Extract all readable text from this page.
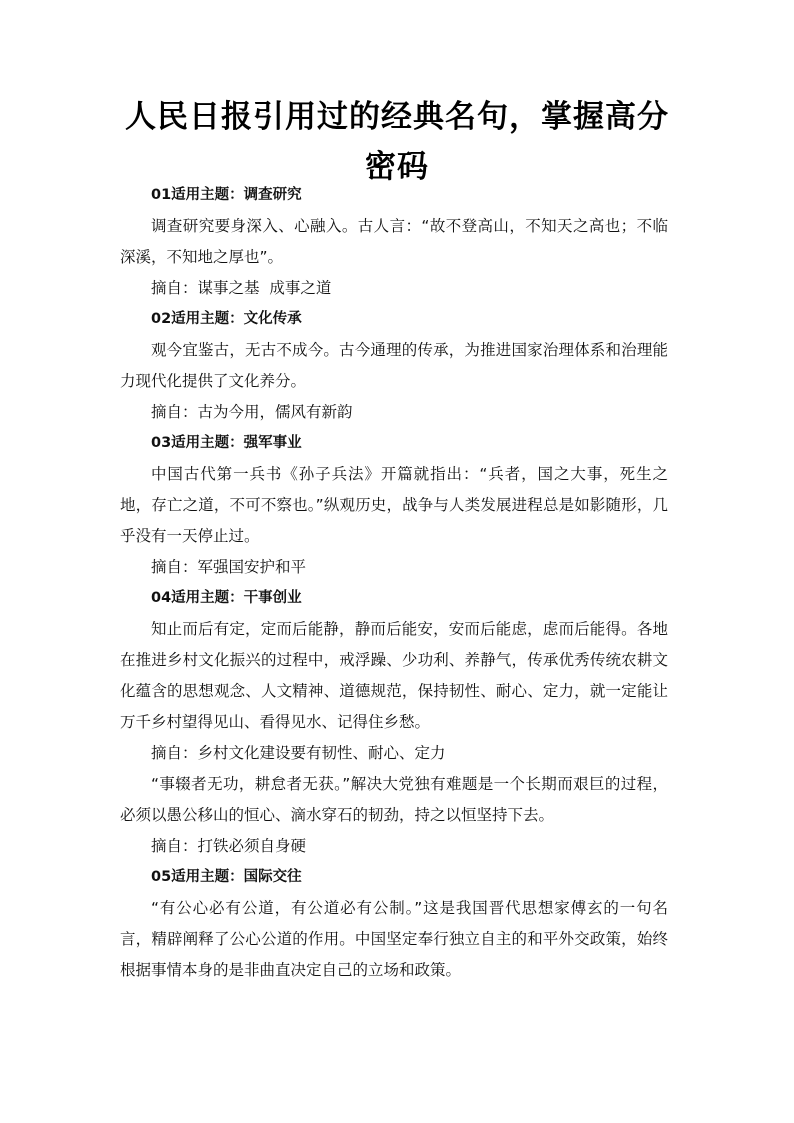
人民日报引用过的经典名句，掌握高分密码

01适用主题：调查研究

调查研究要身深入、心融入。古人言：“故不登高山，不知天之高也；不临深溪，不知地之厚也”。

摘自：谋事之基  成事之道

02适用主题：文化传承

观今宜鉴古，无古不成今。古今通理的传承，为推进国家治理体系和治理能力现代化提供了文化养分。

摘自：古为今用，儒风有新韵

03适用主题：强军事业

中国古代第一兵书《孙子兵法》开篇就指出：“兵者，国之大事，死生之地，存亡之道，不可不察也。”纵观历史，战争与人类发展进程总是如影随形，几乎没有一天停止过。

摘自：军强国安护和平

04适用主题：干事创业

知止而后有定，定而后能静，静而后能安，安而后能虑，虑而后能得。各地在推进乡村文化振兴的过程中，戒浮躁、少功利、养静气，传承优秀传统农耕文化蕴含的思想观念、人文精神、道德规范，保持韧性、耐心、定力，就一定能让万千乡村望得见山、看得见水、记得住乡愁。

摘自：乡村文化建设要有韧性、耐心、定力

“事辍者无功，耕怠者无获。”解决大党独有难题是一个长期而艰巨的过程，必须以愚公移山的恒心、滴水穿石的韧劲，持之以恒坚持下去。

摘自：打铁必须自身硬

05适用主题：国际交往

“有公心必有公道，有公道必有公制。”这是我国晋代思想家傅玄的一句名言，精辟阐释了公心公道的作用。中国坚定奉行独立自主的和平外交政策，始终根据事情本身的是非曲直决定自己的立场和政策。
